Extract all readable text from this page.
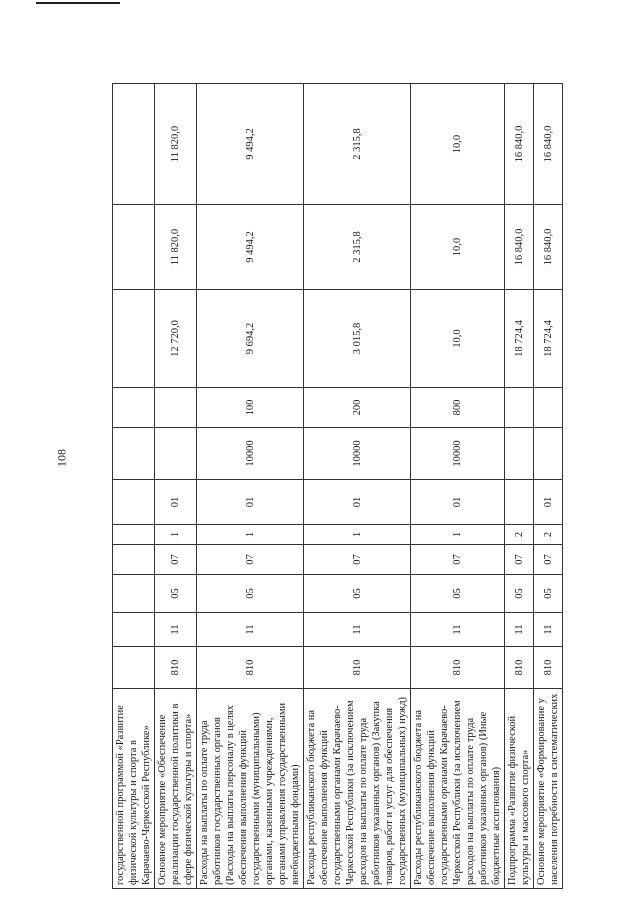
108
государственной программой «Развитие физической культуры и спорта в Карачаево-Черкесской Республике»											
Основное мероприятие «Обеспечение реализации государственной политики в сфере физической культуры и спорта»	810	11	05	07	1	01			12 720,0	11 820,0	11 820,0
Расходы на выплаты по оплате труда работников государственных органов (Расходы на выплаты персоналу в целях обеспечения выполнения функций государственными (муниципальными) органами, казенными учреждениями, органами управления государственными внебюджетными фондами)	810	11	05	07	1	01	10000	100	9 694,2	9 494,2	9 494,2
Расходы республиканского бюджета на обеспечение выполнения функций государственными органами Карачаево-Черкесской Республики (за исключением расходов на выплаты по оплате труда работников указанных органов) (Закупка товаров, работ и услуг для обеспечения государственных (муниципальных) нужд)	810	11	05	07	1	01	10000	200	3 015,8	2 315,8	2 315,8
Расходы республиканского бюджета на обеспечение выполнения функций государственными органами Карачаево-Черкесской Республики (за исключением расходов на выплаты по оплате труда работников указанных органов) (Иные бюджетные ассигнования)	810	11	05	07	1	01	10000	800	10,0	10,0	10,0
Подпрограмма «Развитие физической культуры и массового спорта»	810	11	05	07	2				18 724,4	16 840,0	16 840,0
Основное мероприятие «Формирование у населения потребности в систематических	810	11	05	07	2	01			18 724,4	16 840,0	16 840,0
